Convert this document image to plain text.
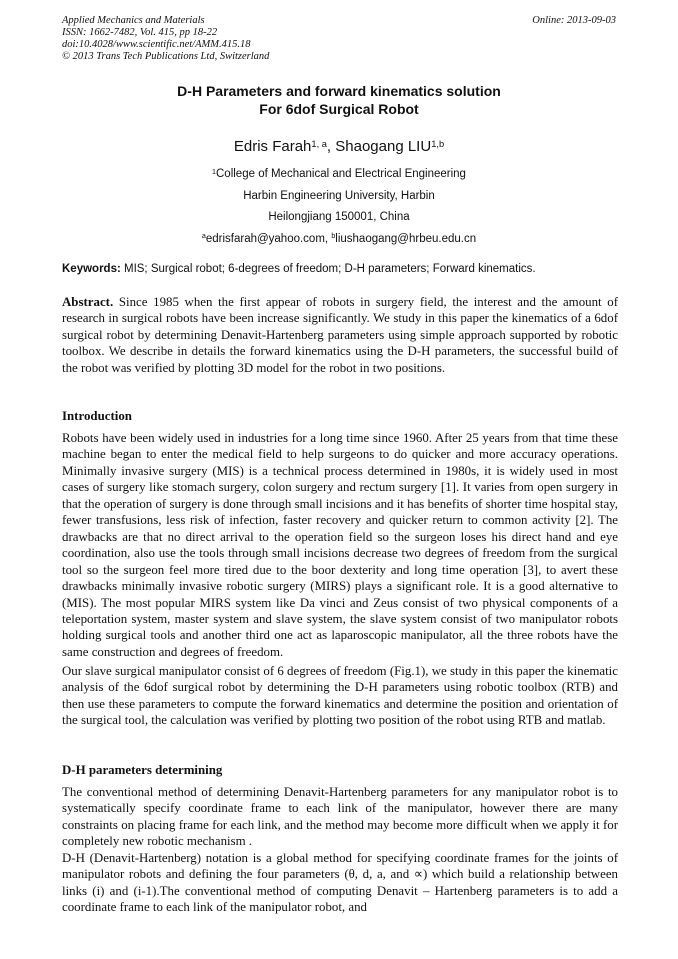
Applied Mechanics and Materials
ISSN: 1662-7482, Vol. 415, pp 18-22
doi:10.4028/www.scientific.net/AMM.415.18
© 2013 Trans Tech Publications Ltd, Switzerland
Online: 2013-09-03
D-H Parameters and forward kinematics solution
For 6dof Surgical Robot
Edris Farah$^{1, a}$, Shaogang LIU$^{1,b}$
$^1$College of Mechanical and Electrical Engineering
Harbin Engineering University, Harbin
Heilongjiang 150001, China
$^a$edrisfarah@yahoo.com, $^b$liushaogang@hrbeu.edu.cn
Keywords: MIS; Surgical robot; 6-degrees of freedom; D-H parameters; Forward kinematics.
Abstract. Since 1985 when the first appear of robots in surgery field, the interest and the amount of research in surgical robots have been increase significantly. We study in this paper the kinematics of a 6dof surgical robot by determining Denavit-Hartenberg parameters using simple approach supported by robotic toolbox. We describe in details the forward kinematics using the D-H parameters, the successful build of the robot was verified by plotting 3D model for the robot in two positions.
Introduction

Robots have been widely used in industries for a long time since 1960. After 25 years from that time these machine began to enter the medical field to help surgeons to do quicker and more accuracy operations. Minimally invasive surgery (MIS) is a technical process determined in 1980s, it is widely used in most cases of surgery like stomach surgery, colon surgery and rectum surgery [1]. It varies from open surgery in that the operation of surgery is done through small incisions and it has benefits of shorter time hospital stay, fewer transfusions, less risk of infection, faster recovery and quicker return to common activity [2]. The drawbacks are that no direct arrival to the operation field so the surgeon loses his direct hand and eye coordination, also use the tools through small incisions decrease two degrees of freedom from the surgical tool so the surgeon feel more tired due to the boor dexterity and long time operation [3], to avert these drawbacks minimally invasive robotic surgery (MIRS) plays a significant role. It is a good alternative to (MIS). The most popular MIRS system like Da vinci and Zeus consist of two physical components of a teleportation system, master system and slave system, the slave system consist of two manipulator robots holding surgical tools and another third one act as laparoscopic manipulator, all the three robots have the same construction and degrees of freedom.

Our slave surgical manipulator consist of 6 degrees of freedom (Fig.1), we study in this paper the kinematic analysis of the 6dof surgical robot by determining the D-H parameters using robotic toolbox (RTB) and then use these parameters to compute the forward kinematics and determine the position and orientation of the surgical tool, the calculation was verified by plotting two position of the robot using RTB and matlab.

D-H parameters determining

The conventional method of determining Denavit-Hartenberg parameters for any manipulator robot is to systematically specify coordinate frame to each link of the manipulator, however there are many constraints on placing frame for each link, and the method may become more difficult when we apply it for completely new robotic mechanism .

D-H (Denavit-Hartenberg) notation is a global method for specifying coordinate frames for the joints of manipulator robots and defining the four parameters (θ, d, a, and ∝) which build a relationship between links (i) and (i-1).The conventional method of computing Denavit – Hartenberg parameters is to add a coordinate frame to each link of the manipulator robot, and
